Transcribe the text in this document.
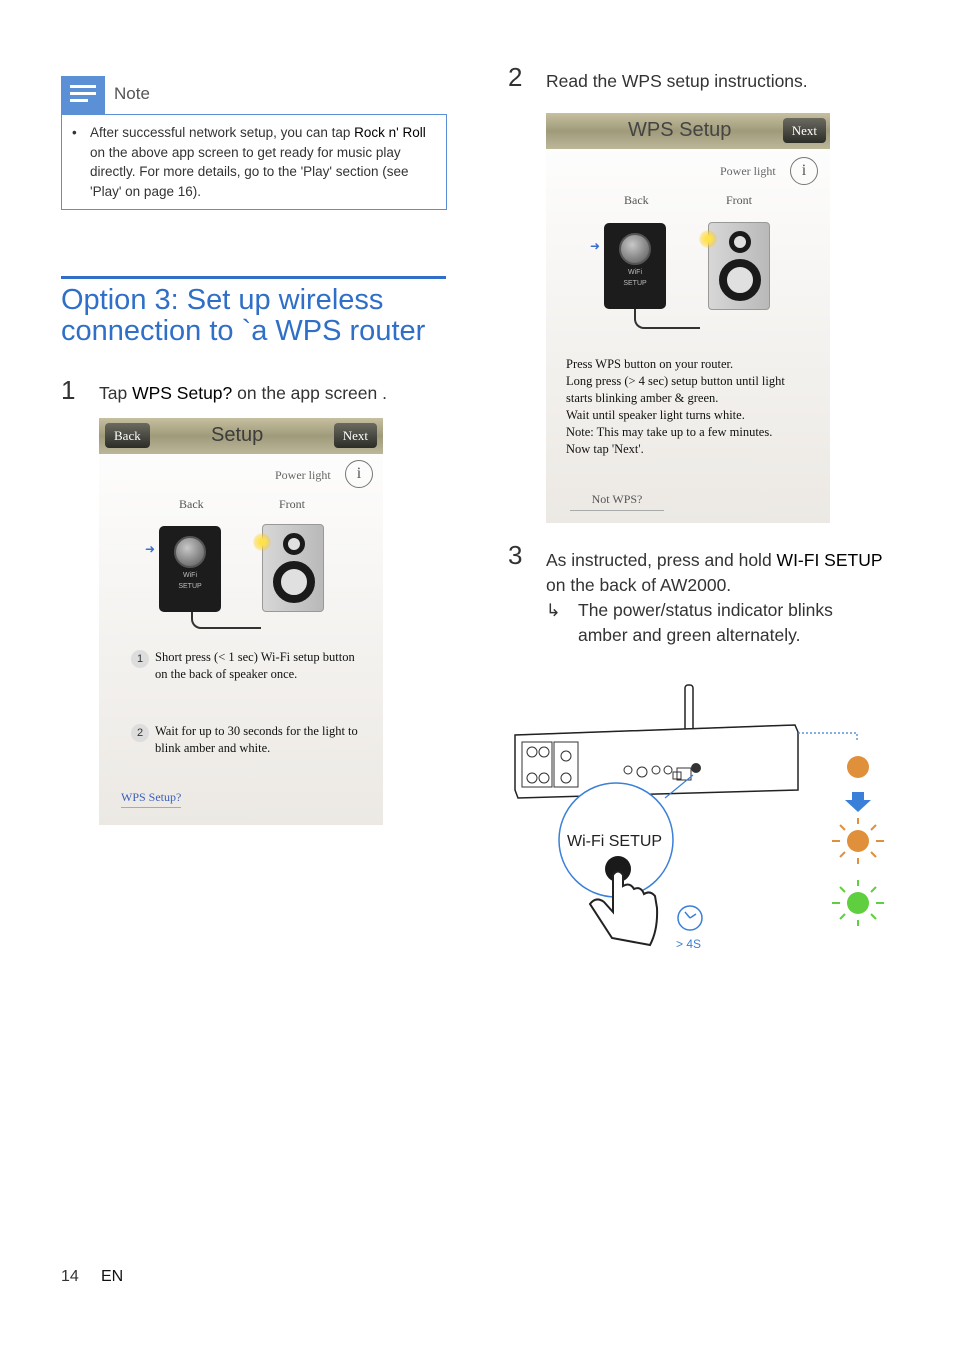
Note
• After successful network setup, you can tap Rock n' Roll on the above app screen to get ready for music play directly. For more details, go to the 'Play' section (see 'Play' on page 16).
Option 3: Set up wireless connection to `a WPS router
1 Tap WPS Setup? on the app screen .
Back	Setup	Next
Power light	i
Back	Front
➜
WiFi
SETUP
1 Short press (< 1 sec) Wi-Fi setup button on the back of speaker once.
2 Wait for up to 30 seconds for the light to blink amber and white.
WPS Setup?
2 Read the WPS setup instructions.
WPS Setup	Next
Power light	i
Back	Front
➜
WiFi
SETUP
Press WPS button on your router.
Long press (> 4 sec) setup button until light
starts blinking amber & green.
Wait until speaker light turns white.
Note: This may take up to a few minutes.
Now tap 'Next'.
Not WPS?
3 As instructed, press and hold WI-FI SETUP on the back of AW2000.
↳ The power/status indicator blinks amber and green alternately.
Wi-Fi SETUP
> 4S
14 EN
